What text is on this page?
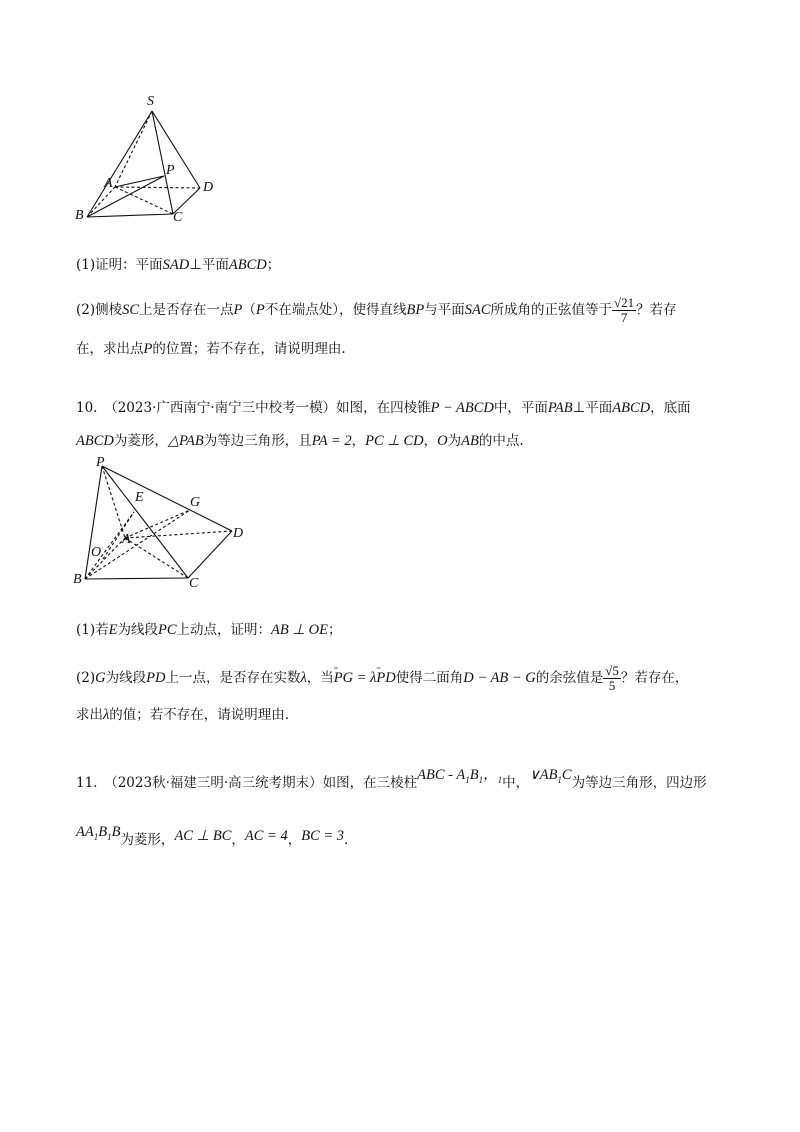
S
A
P
D
B	C
(1)证明：平面SAD⊥平面ABCD；
(2)侧棱SC上是否存在一点P（P不在端点处），使得直线BP与平面SAC所成角的正弦值等于 $\frac{√21}{7}$ ？若存
在，求出点P的位置；若不存在，请说明理由.
10.　（2023·广西南宁·南宁三中校考一模）如图，在四棱锥P − ABCD中，平面PAB⊥平面ABCD，底面
ABCD为菱形，△PAB为等边三角形，且PA = 2，PC ⊥ CD，O为AB的中点.
P
E	G
A
O
D
B	C
(1)若E为线段PC上动点，证明：AB ⊥ OE；
(2)G为线段PD上一点，是否存在实数λ，当▫▫▫ PG = λ▫▫▫ PD使得二面角D − AB − G的余弦值是 $\frac{√5}{5}$ ？若存在，
求出λ的值；若不存在，请说明理由.
11.　（2023秋·福建三明·高三统考期末）如图，在三棱柱ABC - $A_1B_1$，$_1$中，$\vee AB_1C$为等边三角形，四边形
$AA_1B_1B$为菱形，AC ⊥ BC，AC = 4，BC = 3.
